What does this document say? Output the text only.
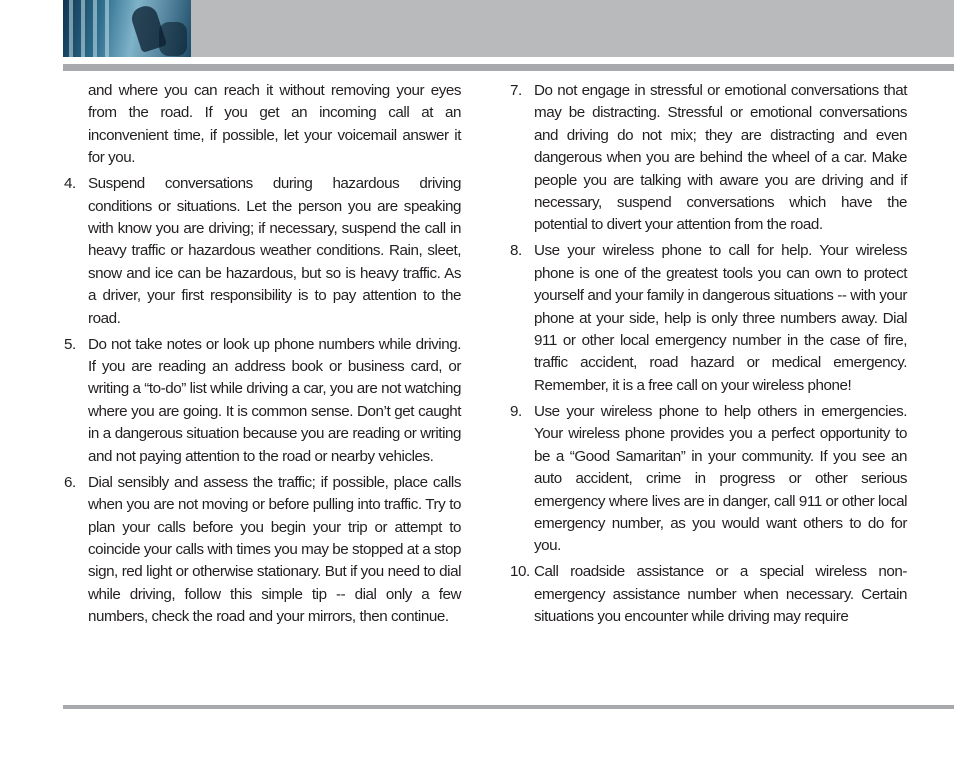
and where you can reach it without removing your eyes from the road. If you get an incoming call at an inconvenient time, if possible, let your voicemail answer it for you.
4. Suspend conversations during hazardous driving conditions or situations. Let the person you are speaking with know you are driving; if necessary, suspend the call in heavy traffic or hazardous weather conditions. Rain, sleet, snow and ice can be hazardous, but so is heavy traffic. As a driver, your first responsibility is to pay attention to the road.
5. Do not take notes or look up phone numbers while driving. If you are reading an address book or business card, or writing a “to-do” list while driving a car, you are not watching where you are going. It is common sense. Don’t get caught in a dangerous situation because you are reading or writing and not paying attention to the road or nearby vehicles.
6. Dial sensibly and assess the traffic; if possible, place calls when you are not moving or before pulling into traffic. Try to plan your calls before you begin your trip or attempt to coincide your calls with times you may be stopped at a stop sign, red light or otherwise stationary. But if you need to dial while driving, follow this simple tip -- dial only a few numbers, check the road and your mirrors, then continue.
7. Do not engage in stressful or emotional conversations that may be distracting. Stressful or emotional conversations and driving do not mix; they are distracting and even dangerous when you are behind the wheel of a car. Make people you are talking with aware you are driving and if necessary, suspend conversations which have the potential to divert your attention from the road.
8. Use your wireless phone to call for help. Your wireless phone is one of the greatest tools you can own to protect yourself and your family in dangerous situations -- with your phone at your side, help is only three numbers away. Dial 911 or other local emergency number in the case of fire, traffic accident, road hazard or medical emergency. Remember, it is a free call on your wireless phone!
9. Use your wireless phone to help others in emergencies. Your wireless phone provides you a perfect opportunity to be a “Good Samaritan” in your community. If you see an auto accident, crime in progress or other serious emergency where lives are in danger, call 911 or other local emergency number, as you would want others to do for you.
10. Call roadside assistance or a special wireless non-emergency assistance number when necessary. Certain situations you encounter while driving may require
